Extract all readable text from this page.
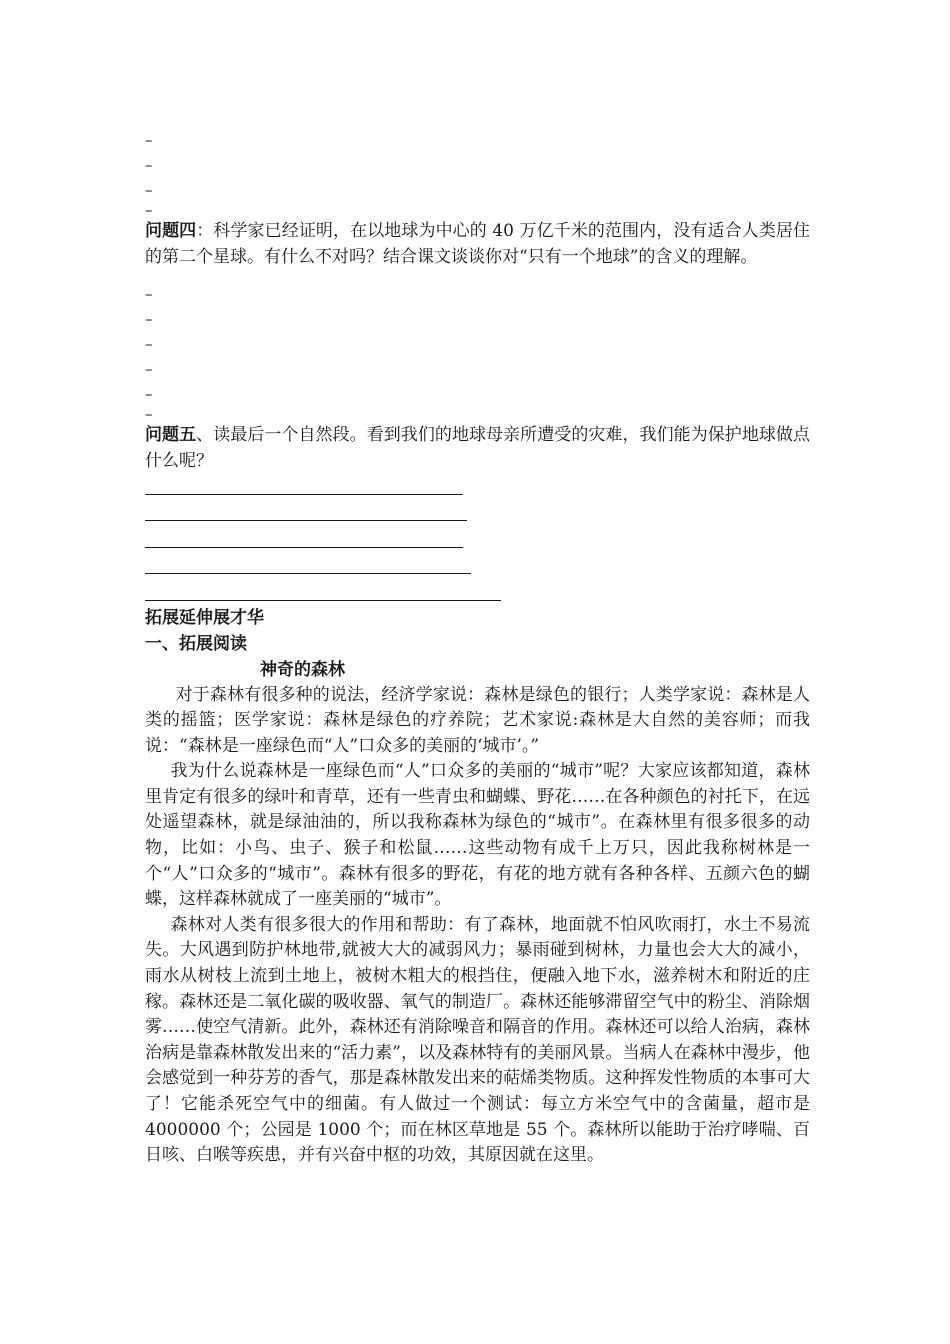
–
–
–
–

问题四：科学家已经证明，在以地球为中心的 40 万亿千米的范围内，没有适合人类居住的第二个星球。有什么不对吗？结合课文谈谈你对“只有一个地球”的含义的理解。

–
–
–
–
–
–

问题五、读最后一个自然段。看到我们的地球母亲所遭受的灾难，我们能为保护地球做点什么呢？

拓展延伸展才华
一、拓展阅读
神奇的森林

对于森林有很多种的说法，经济学家说：森林是绿色的银行；人类学家说：森林是人类的摇篮；医学家说：森林是绿色的疗养院；艺术家说:森林是大自然的美容师；而我说：“森林是一座绿色而“人”口众多的美丽的‘城市’。”

我为什么说森林是一座绿色而“人”口众多的美丽的“城市”呢？大家应该都知道，森林里肯定有很多的绿叶和青草，还有一些青虫和蝴蝶、野花……在各种颜色的衬托下，在远处遥望森林，就是绿油油的，所以我称森林为绿色的“城市”。在森林里有很多很多的动物，比如：小鸟、虫子、猴子和松鼠……这些动物有成千上万只，因此我称树林是一个“人”口众多的“城市”。森林有很多的野花，有花的地方就有各种各样、五颜六色的蝴蝶，这样森林就成了一座美丽的“城市”。

森林对人类有很多很大的作用和帮助：有了森林，地面就不怕风吹雨打，水土不易流失。大风遇到防护林地带,就被大大的减弱风力；暴雨碰到树林，力量也会大大的减小，雨水从树枝上流到土地上，被树木粗大的根挡住，便融入地下水，滋养树木和附近的庄稼。森林还是二氧化碳的吸收器、氧气的制造厂。森林还能够滞留空气中的粉尘、消除烟雾……使空气清新。此外，森林还有消除噪音和隔音的作用。森林还可以给人治病，森林治病是靠森林散发出来的“活力素”，以及森林特有的美丽风景。当病人在森林中漫步，他会感觉到一种芬芳的香气，那是森林散发出来的萜烯类物质。这种挥发性物质的本事可大了！它能杀死空气中的细菌。有人做过一个测试：每立方米空气中的含菌量，超市是 4000000 个；公园是 1000 个；而在林区草地是 55 个。森林所以能助于治疗哮喘、百日咳、白喉等疾患，并有兴奋中枢的功效，其原因就在这里。
